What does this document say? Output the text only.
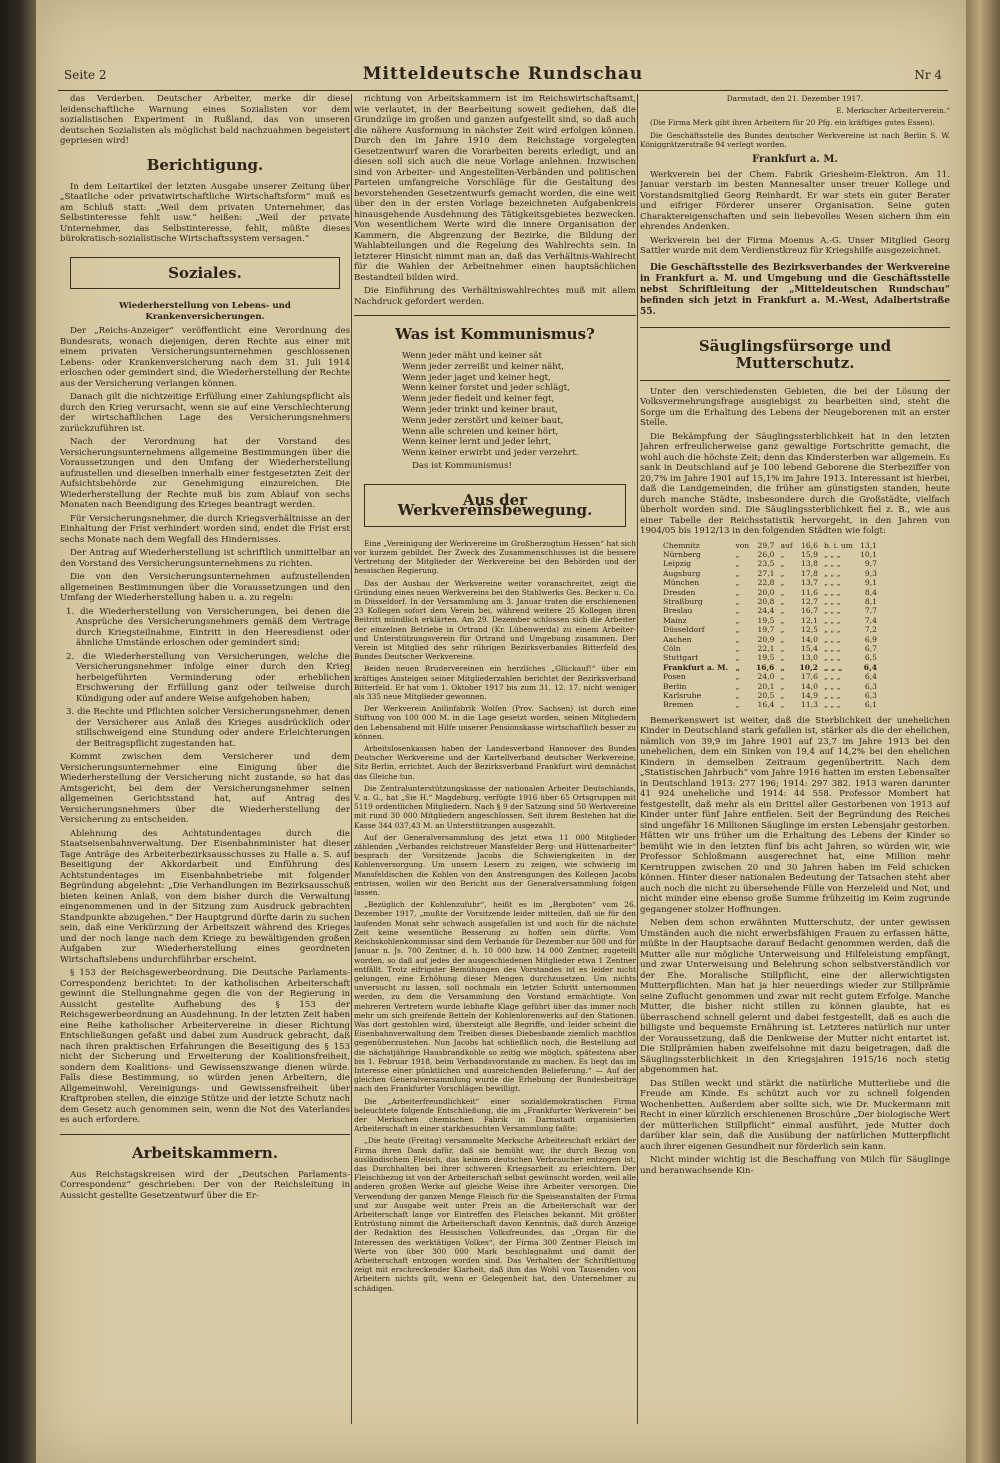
Seite 2	Mitteldeutsche Rundschau	Nr 4

das Verderben. Deutscher Arbeiter, merke dir diese leidenschaftliche Warnung eines Sozialisten vor dem sozialistischen Experiment in Rußland, das von unseren deutschen Sozialisten als möglichst bald nachzuahmen begeistert gepriesen wird!

Berichtigung.

In dem Leitartikel der letzten Ausgabe unserer Zeitung über „Staatliche oder privatwirtschaftliche Wirtschaftsform“ muß es am Schluß statt: „Weil dem privaten Unternehmer, das Selbstinteresse fehlt usw.“ heißen: „Weil der private Unternehmer, das Selbstinteresse, fehlt, müßte dieses bürokratisch-sozialistische Wirtschaftssystem versagen.“

Soziales.
Wiederherstellung von Lebens- und Krankenversicherungen.

Der „Reichs-Anzeiger“ veröffentlicht eine Verordnung des Bundesrats, wonach diejenigen, deren Rechte aus einer mit einem privaten Versicherungsunternehmen geschlossenen Lebens- oder Krankenversicherung nach dem 31. Juli 1914 erloschen oder gemindert sind, die Wiederherstellung der Rechte aus der Versicherung verlangen können.

Danach gilt die nichtzeitige Erfüllung einer Zahlungspflicht als durch den Krieg verursacht, wenn sie auf eine Verschlechterung der wirtschaftlichen Lage des Versicherungsnehmers zurückzuführen ist.

Nach der Verordnung hat der Vorstand des Versicherungsunternehmens allgemeine Bestimmungen über die Voraussetzungen und den Umfang der Wiederherstellung aufzustellen und dieselben innerhalb einer festgesetzten Zeit der Aufsichtsbehörde zur Genehmigung einzureichen. Die Wiederherstellung der Rechte muß bis zum Ablauf von sechs Monaten nach Beendigung des Krieges beantragt werden.

Für Versicherungsnehmer, die durch Kriegsverhältnisse an der Einhaltung der Frist verhindert worden sind, endet die Frist erst sechs Monate nach dem Wegfall des Hindernisses.

Der Antrag auf Wiederherstellung ist schriftlich unmittelbar an den Vorstand des Versicherungsunternehmens zu richten.

Die von den Versicherungsunternehmen aufzustellenden allgemeinen Bestimmungen über die Voraussetzungen und den Umfang der Wiederherstellung haben u. a. zu regeln:

1. die Wiederherstellung von Versicherungen, bei denen die Ansprüche des Versicherungsnehmers gemäß dem Vertrage durch Kriegsteilnahme, Eintritt in den Heeresdienst oder ähnliche Umstände erloschen oder gemindert sind;

2. die Wiederherstellung von Versicherungen, welche die Versicherungsnehmer infolge einer durch den Krieg herbeigeführten Verminderung oder erheblichen Erschwerung der Erfüllung ganz oder teilweise durch Kündigung oder auf andere Weise aufgehoben haben;

3. die Rechte und Pflichten solcher Versicherungsnehmer, denen der Versicherer aus Anlaß des Krieges ausdrücklich oder stillschweigend eine Stundung oder andere Erleichterungen der Beitragspflicht zugestanden hat.

Kommt zwischen dem Versicherer und dem Versicherungsunternehmer eine Einigung über die Wiederherstellung der Versicherung nicht zustande, so hat das Amtsgericht, bei dem der Versicherungsnehmer seinen allgemeinen Gerichtsstand hat, auf Antrag des Versicherungsnehmers über die Wiederherstellung der Versicherung zu entscheiden.

Ablehnung des Achtstundentages durch die Staatseisenbahnverwaltung. Der Eisenbahnminister hat dieser Tage Anträge des Arbeiterbezirksausschusses zu Halle a. S. auf Beseitigung der Akkordarbeit und Einführung des Achtstundentages im Eisenbahnbetriebe mit folgender Begründung abgelehnt: „Die Verhandlungen im Bezirksausschuß bieten keinen Anlaß, von dem bisher durch die Verwaltung eingenommenen und in der Sitzung zum Ausdruck gebrachten Standpunkte abzugehen.“ Der Hauptgrund dürfte darin zu suchen sein, daß eine Verkürzung der Arbeitszeit während des Krieges und der noch lange nach dem Kriege zu bewältigenden großen Aufgaben zur Wiederherstellung eines geordneten Wirtschaftslebens undurchführbar erscheint.

§ 153 der Reichsgewerbeordnung. Die Deutsche Parlaments-Correspondenz berichtet: In der katholischen Arbeiterschaft gewinnt die Stellungnahme gegen die von der Regierung in Aussicht gestellte Aufhebung des § 153 der Reichsgewerbeordnung an Ausdehnung. In der letzten Zeit haben eine Reihe katholischer Arbeitervereine in dieser Richtung Entschließungen gefaßt und dabei zum Ausdruck gebracht, daß nach ihren praktischen Erfahrungen die Beseitigung des § 153 nicht der Sicherung und Erweiterung der Koalitionsfreiheit, sondern dem Koalitions- und Gewissenszwange dienen würde. Falls diese Bestimmung, so würden jenen Arbeitern, die Allgemeinwohl, Vereinigungs- und Gewissensfreiheit über Kraftproben stellen, die einzige Stütze und der letzte Schutz nach dem Gesetz auch genommen sein, wenn die Not des Vaterlandes es auch erfordere.

Arbeitskammern.

Aus Reichstagskreisen wird der „Deutschen Parlaments-Correspondenz“ geschrieben: Der von der Reichsleitung in Aussicht gestellte Gesetzentwurf über die Er-

richtung von Arbeitskammern ist im Reichswirtschaftsamt, wie verlautet, in der Bearbeitung soweit gediehen, daß die Grundzüge im großen und ganzen aufgestellt sind, so daß auch die nähere Ausformung in nächster Zeit wird erfolgen können. Durch den im Jahre 1910 dem Reichstage vorgelegten Gesetzentwurf waren die Vorarbeiten bereits erledigt, und an diesen soll sich auch die neue Vorlage anlehnen. Inzwischen sind von Arbeiter- und Angestellten-Verbänden und politischen Parteien umfangreiche Vorschläge für die Gestaltung des bevorstehenden Gesetzentwurfs gemacht worden, die eine weit über den in der ersten Vorlage bezeichneten Aufgabenkreis hinausgehende Ausdehnung des Tätigkeitsgebietes bezwecken. Von wesentlichem Werte wird die innere Organisation der Kammern, die Abgrenzung der Bezirke, die Bildung der Wahlabteilungen und die Regelung des Wahlrechts sein. In letzterer Hinsicht nimmt man an, daß das Verhältnis-Wahlrecht für die Wahlen der Arbeitnehmer einen hauptsächlichen Bestandteil bilden wird.

Die Einführung des Verhältniswahlrechtes muß mit allem Nachdruck gefordert werden.

Was ist Kommunismus?
Wenn jeder mäht und keiner sät
Wenn jeder zerreißt und keiner näht,
Wenn jeder jaget und keiner hegt,
Wenn keiner forstet und jeder schlägt,
Wenn jeder fiedelt und keiner fegt,
Wenn jeder trinkt und keiner braut,
Wenn jeder zerstört und keiner baut,
Wenn alle schreien und keiner hört,
Wenn keiner lernt und jeder lehrt,
Wenn keiner erwirbt und jeder verzehrt.
Das ist Kommunismus!
Aus der Werkvereinsbewegung.

Eine „Vereinigung der Werkvereine im Großherzogtum Hessen“ hat sich vor kurzem gebildet. Der Zweck des Zusammenschlusses ist die bessere Vertretung der Mitglieder der Werkvereine bei den Behörden und der hessischen Regierung.

Das der Ausbau der Werkvereine weiter voranschreitet, zeigt die Gründung eines neuen Werkvereins bei den Stahlwerks Ges. Becker u. Co. in Düsseldorf. In der Versammlung am 3. Januar traten die erschienenen 23 Kollegen sofort dem Verein bei, während weitere 25 Kollegen ihren Beitritt mündlich erklärten. Am 29. Dezember schlossen sich die Arbeiter der einzelnen Betriebe in Ortrand (Kr. Lübenwerda) zu einem Arbeiter- und Unterstützungsverein für Ortrand und Umgebung zusammen. Der Verein ist Mitglied des sehr rührigen Bezirksverbandes Bitterfeld des Bundes Deutscher Werkvereine.

Beiden neuen Brudervereinen ein herzliches „Glückauf!“ über ein kräftiges Ansteigen seiner Mitgliederzahlen berichtet der Bezirksverband Bitterfeld. Er hat vom 1. Oktober 1917 bis zum 31. 12. 17. nicht weniger als 335 neue Mitglieder gewonnen.

Der Werkverein Anilinfabrik Wolfen (Prov. Sachsen) ist durch eine Stiftung von 100 000 M. in die Lage gesetzt worden, seinen Mitgliedern den Lebensabend mit Hilfe unserer Pensionskasse wirtschaftlich besser zu können.

Arbeitslosenkassen haben der Landesverband Hannover des Bundes Deutscher Werkvereine und der Kartellverband deutscher Werkvereine, Sitz Berlin, errichtet. Auch der Bezirksverband Frankfurt wird demnächst das Gleiche tun.

Die Zentralunterstützungskasse der nationalen Arbeiter Deutschlands, V. a. G., hat „Sie H.“ Magdeburg, verfügte 1916 über 65 Ortsgruppen mit 5119 ordentlichen Mitgliedern. Nach § 9 der Satzung sind 50 Werkvereine mit rund 30 000 Mitgliedern angeschlossen. Seit ihrem Bestehen hat die Kasse 344 037,43 M. an Unterstützungen ausgezahlt.

Auf der Generalversammlung des jetzt etwa 11 000 Mitglieder zählenden „Verbandes reichstreuer Mansfelder Berg- und Hüttenarbeiter“ besprach der Vorsitzende Jacobs die Schwierigkeiten in der Kohlenversorgung. Um unsern Lesern zu zeigen, wie schwierig im Mansfeldischen die Kohlen von den Anstrengungen des Kollegen Jacobs entrissen, wollen wir den Bericht aus der Generalversammlung folgen lassen.

„Bezüglich der Kohlenzufuhr“, heißt es im „Bergboten“ vom 26. Dezember 1917, „mußte der Vorsitzende leider mitteilen, daß sie für den laufenden Monat sehr schwach ausgefallen ist und auch für die nächste Zeit keine wesentliche Besserung zu hoffen sein dürfte. Vom Reichskohlenkommissar sind dem Verbande für Dezember nur 500 und für Januar n. Js. 700 Zentner, d. h. 10 000 bzw. 14 000 Zentner, zugeteilt worden, so daß auf jedes der ausgeschiedenen Mitglieder etwa 1 Zentner entfällt. Trotz eifrigster Bemühungen des Vorstandes ist es leider nicht gelungen, eine Erhöhung dieser Mengen durchzusetzen. Um nichts unversucht zu lassen, soll nochmals ein letzter Schritt unternommen werden, zu dem die Versammlung den Vorstand ermächtigte. Von mehreren Vertretern wurde lebhafte Klage geführt über das immer noch mehr um sich greifende Betteln der Kohlenlorenwerks auf den Stationen. Was dort gestohlen wird, übersteigt alle Begriffe, und leider scheint die Eisenbahnverwaltung dem Treiben dieses Diebesbande ziemlich machtlos gegenüberzustehen. Nun Jacobs hat schließlich noch, die Bestellung auf die nächstjährige Hausbrandkohle so zeitig wie möglich, spätestens aber bis 1. Februar 1918, beim Verbandsvorstande zu machen. Es liegt das im Interesse einer pünktlichen und ausreichenden Belieferung.“ — Auf der gleichen Generalversammlung wurde die Erhebung der Bundesbeiträge nach den Frankfurter Vorschlägen bewilligt.

Die „Arbeiterfreundlichkeit“ einer sozialdemokratischen Firma beleuchtete folgende Entschließung, die im „Frankfurter Werkverein“ bei der Merkschen chemischen Fabrik in Darmstadt organisierten Arbeiterschaft in einer starkbesuchten Versammlung faßte:

„Die heute (Freitag) versammelte Merksche Arbeiterschaft erklärt der Firma ihren Dank dafür, daß sie bemüht war, ihr durch Bezug von ausländischem Fleisch, das keinem deutschen Verbraucher entzogen ist, das Durchhalten bei ihrer schweren Kriegsarbeit zu erleichtern. Der Fleischbezug ist von der Arbeiterschaft selbst gewünscht worden, weil alle anderen großen Werke auf gleiche Weise ihre Arbeiter versorgen. Die Verwendung der ganzen Menge Fleisch für die Speiseanstalten der Firma und zur Ausgabe weit unter Preis an die Arbeiterschaft war der Arbeiterschaft lange vor Eintreffen des Fleisches bekannt. Mit größter Entrüstung nimmt die Arbeiterschaft davon Kenntnis, daß durch Anzeige der Redaktion des Hessischen Volksfreundes, das „Organ für die Interessen des werktätigen Volkes“, der Firma 300 Zentner Fleisch im Werte von über 300 000 Mark beschlagnahmt und damit der Arbeiterschaft entzogen worden sind. Das Verhalten der Schriftleitung zeigt mit erschreckender Klarheit, daß ihm das Wohl von Tausenden von Arbeitern nichts gilt, wenn er Gelegenheit hat, den Unternehmer zu schädigen.

Darmstadt, den 21. Dezember 1917.

E. Merkscher Arbeiterverein.“

(Die Firma Merk gibt ihren Arbeitern für 20 Pfg. ein kräftiges gutes Essen).

Die Geschäftsstelle des Bundes deutscher Werkvereine ist nach Berlin S. W. Königgrätzerstraße 94 verlegt worden.

Frankfurt a. M.

Werkverein bei der Chem. Fabrik Griesheim-Elektron. Am 11. Januar verstarb im besten Mannesalter unser treuer Kollege und Vorstandsmitglied Georg Reinhardt. Er war stets ein guter Berater und eifriger Förderer unserer Organisation. Seine guten Charaktereigenschaften und sein liebevolles Wesen sichern ihm ein ehrendes Andenken.

Werkverein bei der Firma Moenus A.-G. Unser Mitglied Georg Sattler wurde mit dem Verdienstkreuz für Kriegshilfe ausgezeichnet.

Die Geschäftsstelle des Bezirksverbandes der Werkvereine in Frankfurt a. M. und Umgebung und die Geschäftsstelle nebst Schriftleitung der „Mitteldeutschen Rundschau“ befinden sich jetzt in Frankfurt a. M.-West, Adalbertstraße 55.
Säuglingsfürsorge und Mutterschutz.

Unter den verschiedensten Gebieten, die bei der Lösung der Volksvermehrungsfrage ausgiebigst zu bearbeiten sind, steht die Sorge um die Erhaltung des Lebens der Neugeborenen mit an erster Stelle.

Die Bekämpfung der Säuglingssterblichkeit hat in den letzten Jahren erfreulicherweise ganz gewaltige Fortschritte gemacht, die wohl auch die höchste Zeit; denn das Kindersterben war allgemein. Es sank in Deutschland auf je 100 lebend Geborene die Sterbeziffer von 20,7% im Jahre 1901 auf 15,1% im Jahre 1913. Interessant ist hierbei, daß die Landgemeinden, die früher am günstigsten standen, heute durch manche Städte, insbesondere durch die Großstädte, vielfach überholt worden sind. Die Säuglingssterblichkeit fiel z. B., wie aus einer Tabelle der Reichsstatistik hervorgeht, in den Jahren von 1904/05 bis 1912/13 in den folgenden Städten wie folgt:

Chemnitz	von	29,7	auf	16,6	b. i. um	13,1
Nürnberg	„	26,0	„	15,9	„ „ „	10,1
Leipzig	„	23,5	„	13,8	„ „ „	9,7
Augsburg	„	27,1	„	17,8	„ „ „	9,3
München	„	22,8	„	13,7	„ „ „	9,1
Dresden	„	20,0	„	11,6	„ „ „	8,4
Straßburg	„	20,8	„	12,7	„ „ „	8,1
Breslau	„	24,4	„	16,7	„ „ „	7,7
Mainz	„	19,5	„	12,1	„ „ „	7,4
Düsseldorf	„	19,7	„	12,5	„ „ „	7,2
Aachen	„	20,9	„	14,0	„ „ „	6,9
Cöln	„	22,1	„	15,4	„ „ „	6,7
Stuttgart	„	19,5	„	13,0	„ „ „	6,5
Frankfurt a. M.	„	16,6	„	10,2	„ „ „	6,4
Posen	„	24,0	„	17,6	„ „ „	6,4
Berlin	„	20,1	„	14,0	„ „ „	6,3
Karlsruhe	„	20,5	„	14,9	„ „ „	6,3
Bremen	„	16,4	„	11,3	„ „ „	6,1

Bemerkenswert ist weiter, daß die Sterblichkeit der unehelichen Kinder in Deutschland stark gefallen ist, stärker als die der ehelichen, nämlich von 39,9 im Jahre 1901 auf 23,7 im Jahre 1913 bei den unehelichen, dem ein Sinken von 19,4 auf 14,2% bei den ehelichen Kindern in demselben Zeitraum gegenübertritt. Nach dem „Statistischen Jahrbuch“ vom Jahre 1916 hatten im ersten Lebensalter in Deutschland 1913: 277 196; 1914: 297 382. 1913 waren darunter 41 924 uneheliche und 1914: 44 558. Professor Mombert hat festgestellt, daß mehr als ein Drittel aller Gestorbenen von 1913 auf Kinder unter fünf Jahre entfielen. Seit der Begründung des Reiches sind ungefähr 16 Millionen Säuglinge im ersten Lebensjahr gestorben. Hätten wir uns früher um die Erhaltung des Lebens der Kinder so bemüht wie in den letzten fünf bis acht Jahren, so würden wir, wie Professor Schloßmann ausgerechnet hat, eine Million mehr Kerntruppen zwischen 20 und 30 Jahren haben im Feld schicken können. Hinter dieser nationalen Bedeutung der Tatsachen steht aber auch noch die nicht zu übersehende Fülle von Herzeleid und Not, und nicht minder eine ebenso große Summe frühzeitig im Keim zugrunde gegangener stolzer Hoffnungen.

Neben dem schon erwähnten Mutterschutz, der unter gewissen Umständen auch die nicht erwerbsfähigen Frauen zu erfassen hätte, müßte in der Hauptsache darauf Bedacht genommen werden, daß die Mutter alle nur mögliche Unterweisung und Hilfeleistung empfängt, und zwar Unterweisung und Belehrung schon selbstverständlich vor der Ehe. Moralische Stillpflicht, eine der allerwichtigsten Mutterpflichten. Man hat ja hier neuerdings wieder zur Stillprämie seine Zuflucht genommen und zwar mit recht gutem Erfolge. Manche Mutter, die bisher nicht stillen zu können glaubte, hat es überraschend schnell gelernt und dabei festgestellt, daß es auch die billigste und bequemste Ernährung ist. Letzteres natürlich nur unter der Voraussetzung, daß die Denkweise der Mutter nicht entartet ist. Die Stillprämien haben zweifelsohne mit dazu beigetragen, daß die Säuglingssterblichkeit in den Kriegsjahren 1915/16 noch stetig abgenommen hat.

Das Stillen weckt und stärkt die natürliche Mutterliebe und die Freude am Kinde. Es schützt auch vor zu schnell folgenden Wochenbetten. Außerdem aber sollte sich, wie Dr. Muckermann mit Recht in einer kürzlich erschienenen Broschüre „Der biologische Wert der mütterlichen Stillpflicht“ einmal ausführt, jede Mutter doch darüber klar sein, daß die Ausübung der natürlichen Mutterpflicht auch ihrer eigenen Gesundheit nur förderlich sein kann.

Nicht minder wichtig ist die Beschaffung von Milch für Säuglinge und heranwachsende Kin-
